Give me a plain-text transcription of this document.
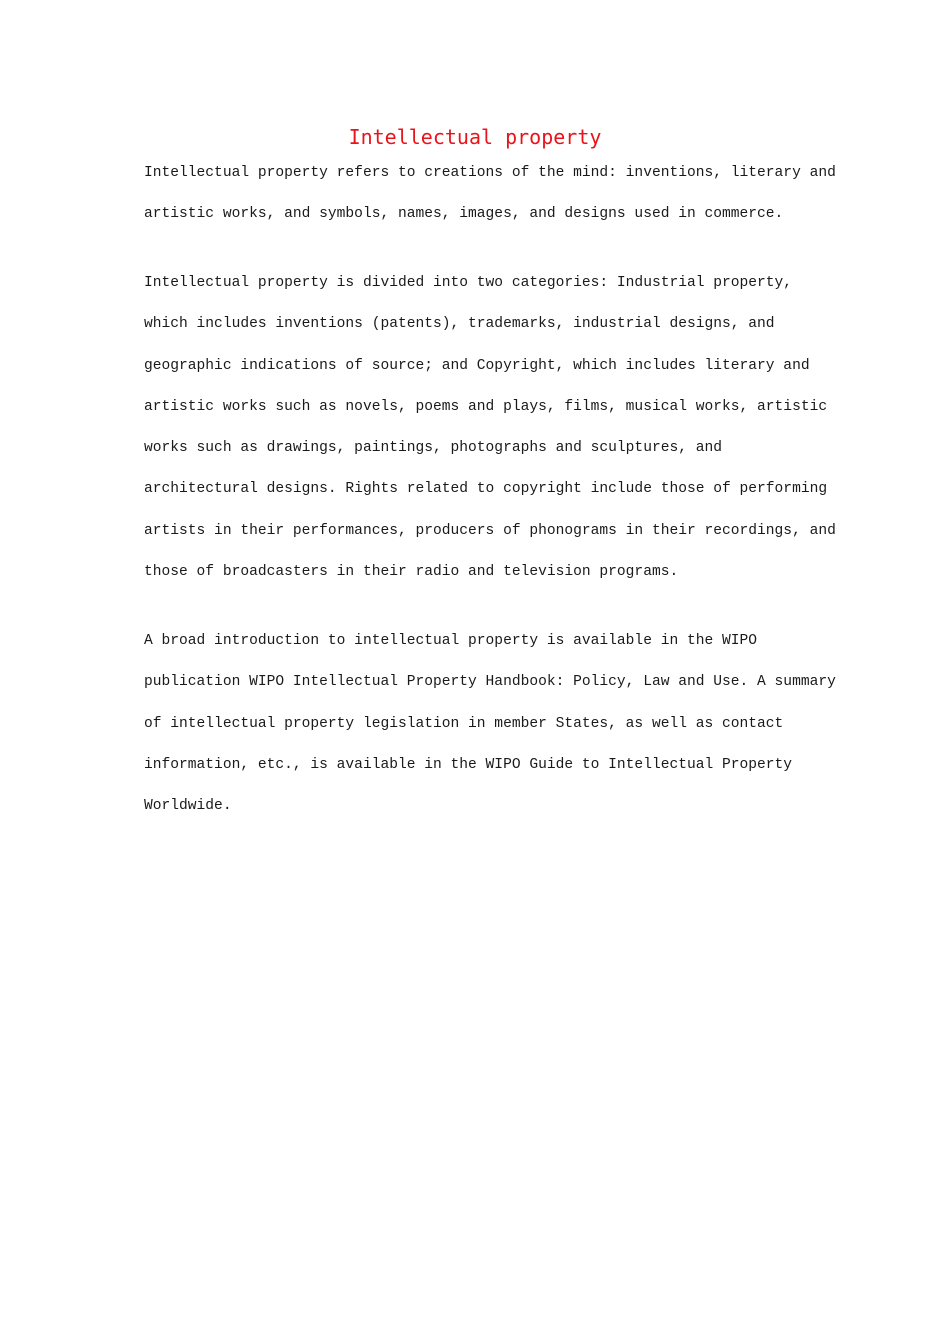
Intellectual property
Intellectual property refers to creations of the mind: inventions, literary and
artistic works, and symbols, names, images, and designs used in commerce.
Intellectual property is divided into two categories: Industrial property,
which includes inventions (patents), trademarks, industrial designs, and
geographic indications of source; and Copyright, which includes literary and
artistic works such as novels, poems and plays, films, musical works, artistic
works such as drawings, paintings, photographs and sculptures, and
architectural designs. Rights related to copyright include those of performing
artists in their performances, producers of phonograms in their recordings, and
those of broadcasters in their radio and television programs.
A broad introduction to intellectual property is available in the WIPO
publication WIPO Intellectual Property Handbook: Policy, Law and Use. A summary
of intellectual property legislation in member States, as well as contact
information, etc., is available in the WIPO Guide to Intellectual Property
Worldwide.
